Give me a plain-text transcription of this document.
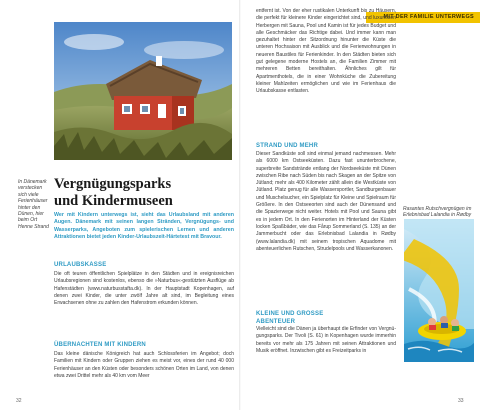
In Dänemark verstecken sich viele Ferienhäuser hinter den Dünen, hier beim Ort Henne Strand

Rasantes Rutschvergnügen im Erlebnisbad Lalandia in Rødby

Vergnügungsparks
und Kindermuseen

Wer mit Kindern unterwegs ist, sieht das Urlaubsland mit anderen Augen. Dänemark mit seinen langen Stränden, Vergnügungs- und Wasserparks, Angeboten zum spielerischen Lernen und anderen Attraktionen bietet jeden Kinder-Urlaubszeit-Härtetest mit Bravour.

URLAUBSKASSE

Die oft teuren öffentlichen Spielplätze in den Städten und in ereignisreichen Urlaubsregionen sind kostenlos, ebenso die »Naturbus«-gestützten Ausflüge ab Hafenstädten (www.naturbusstafta.dk). In der Hauptstadt Kopenhagen, auf denen zwei Kinder, die unter zwölf Jahre alt sind, im Begleitung eines Erwachsenen ohne zu zahlen den Hafenstrom erkunden können.

ÜBERNACHTEN MIT KINDERN

Das kleine dänische Königreich hat auch Schlossferien im Angebot; doch Familien mit Kindern oder Gruppen ziehen es meist vor, eines der rund 40 000 Ferienhäuser an den Küsten oder besonders schönen Orten im Land, von denen etwa zwei Drittel mehr als 40 km vom Meer

MIT DER FAMILIE UNTERWEGS

entfernt ist. Von der eher rustikalen Unterkunft bis zu Häusern, die perfekt für kleinere Kinder eingerichtet sind, und luxuriösen Herbergen mit Sauna, Pool und Kamin ist für jedes Budget und alle Geschmäcker das Richtige dabei. Und immer kann man gezuhaltet hinter der Sitzordnung hinunter die Küste die unteren Hochsaison mit Ausblick und die Ferienwohnungen in neueren Baustiles für Ferienkinder. In den Städten bieten sich gut gelegene moderne Hostels an, die Familien Zimmer mit mehreren Betten bereithalten. Ähnliches gilt für Apartmenthotels, die in einer Wohnküche die Zubereitung kleiner Mahlzeiten ermöglichen und wie im Ferienhaus die Urlaubskasse entlasten.

STRAND UND MEHR

Dieser Sandküste soll sind einmal jemand nachmessen. Mehr als 6000 km Ostseeküsten. Dazu fast ununterbrochene, superbreite Sandstrände entlang der Nordseeküste mit Dünen zwischen Ribe nach Süden bis nach Skagen an der Spitze von Jütland; mehr als 400 Kilometer zählt allein die Westküste von Jütland. Platz genug für alle Wassersportler, Sandburgenbauer und Muschelsucher, ein Spielplatz für Kleine und Spielraum für Größere. In den Ostseeorten sind auch der Dünensand und die Spazierwege nicht weiter. Hotels mit Pool und Sauna gibt es in jedem Ort. In den Ferienorten im Hinterland der Küsten locken Spaßbäder, wie das Fårup Sommerland (S. 135) an der Jammerbucht oder das Erlebnisbad Lalandia in Rødby (www.lalandia.dk) mit seinem tropischen Aquadome mit abenteuerlichen Rutschen, Strudelpools und Wasserkanonen.

KLEINE UND GROSSE
ABENTEUER

Vielleicht sind die Dänen ja überhaupt die Erfinder von Vergnügungsparks. Der Tivoli (S. 61) in Kopenhagen wurde immerhin bereits vor mehr als 175 Jahren mit seinen Attraktionen und Musik eröffnet. Inzwischen gibt es Freizeitparks in

32	33
